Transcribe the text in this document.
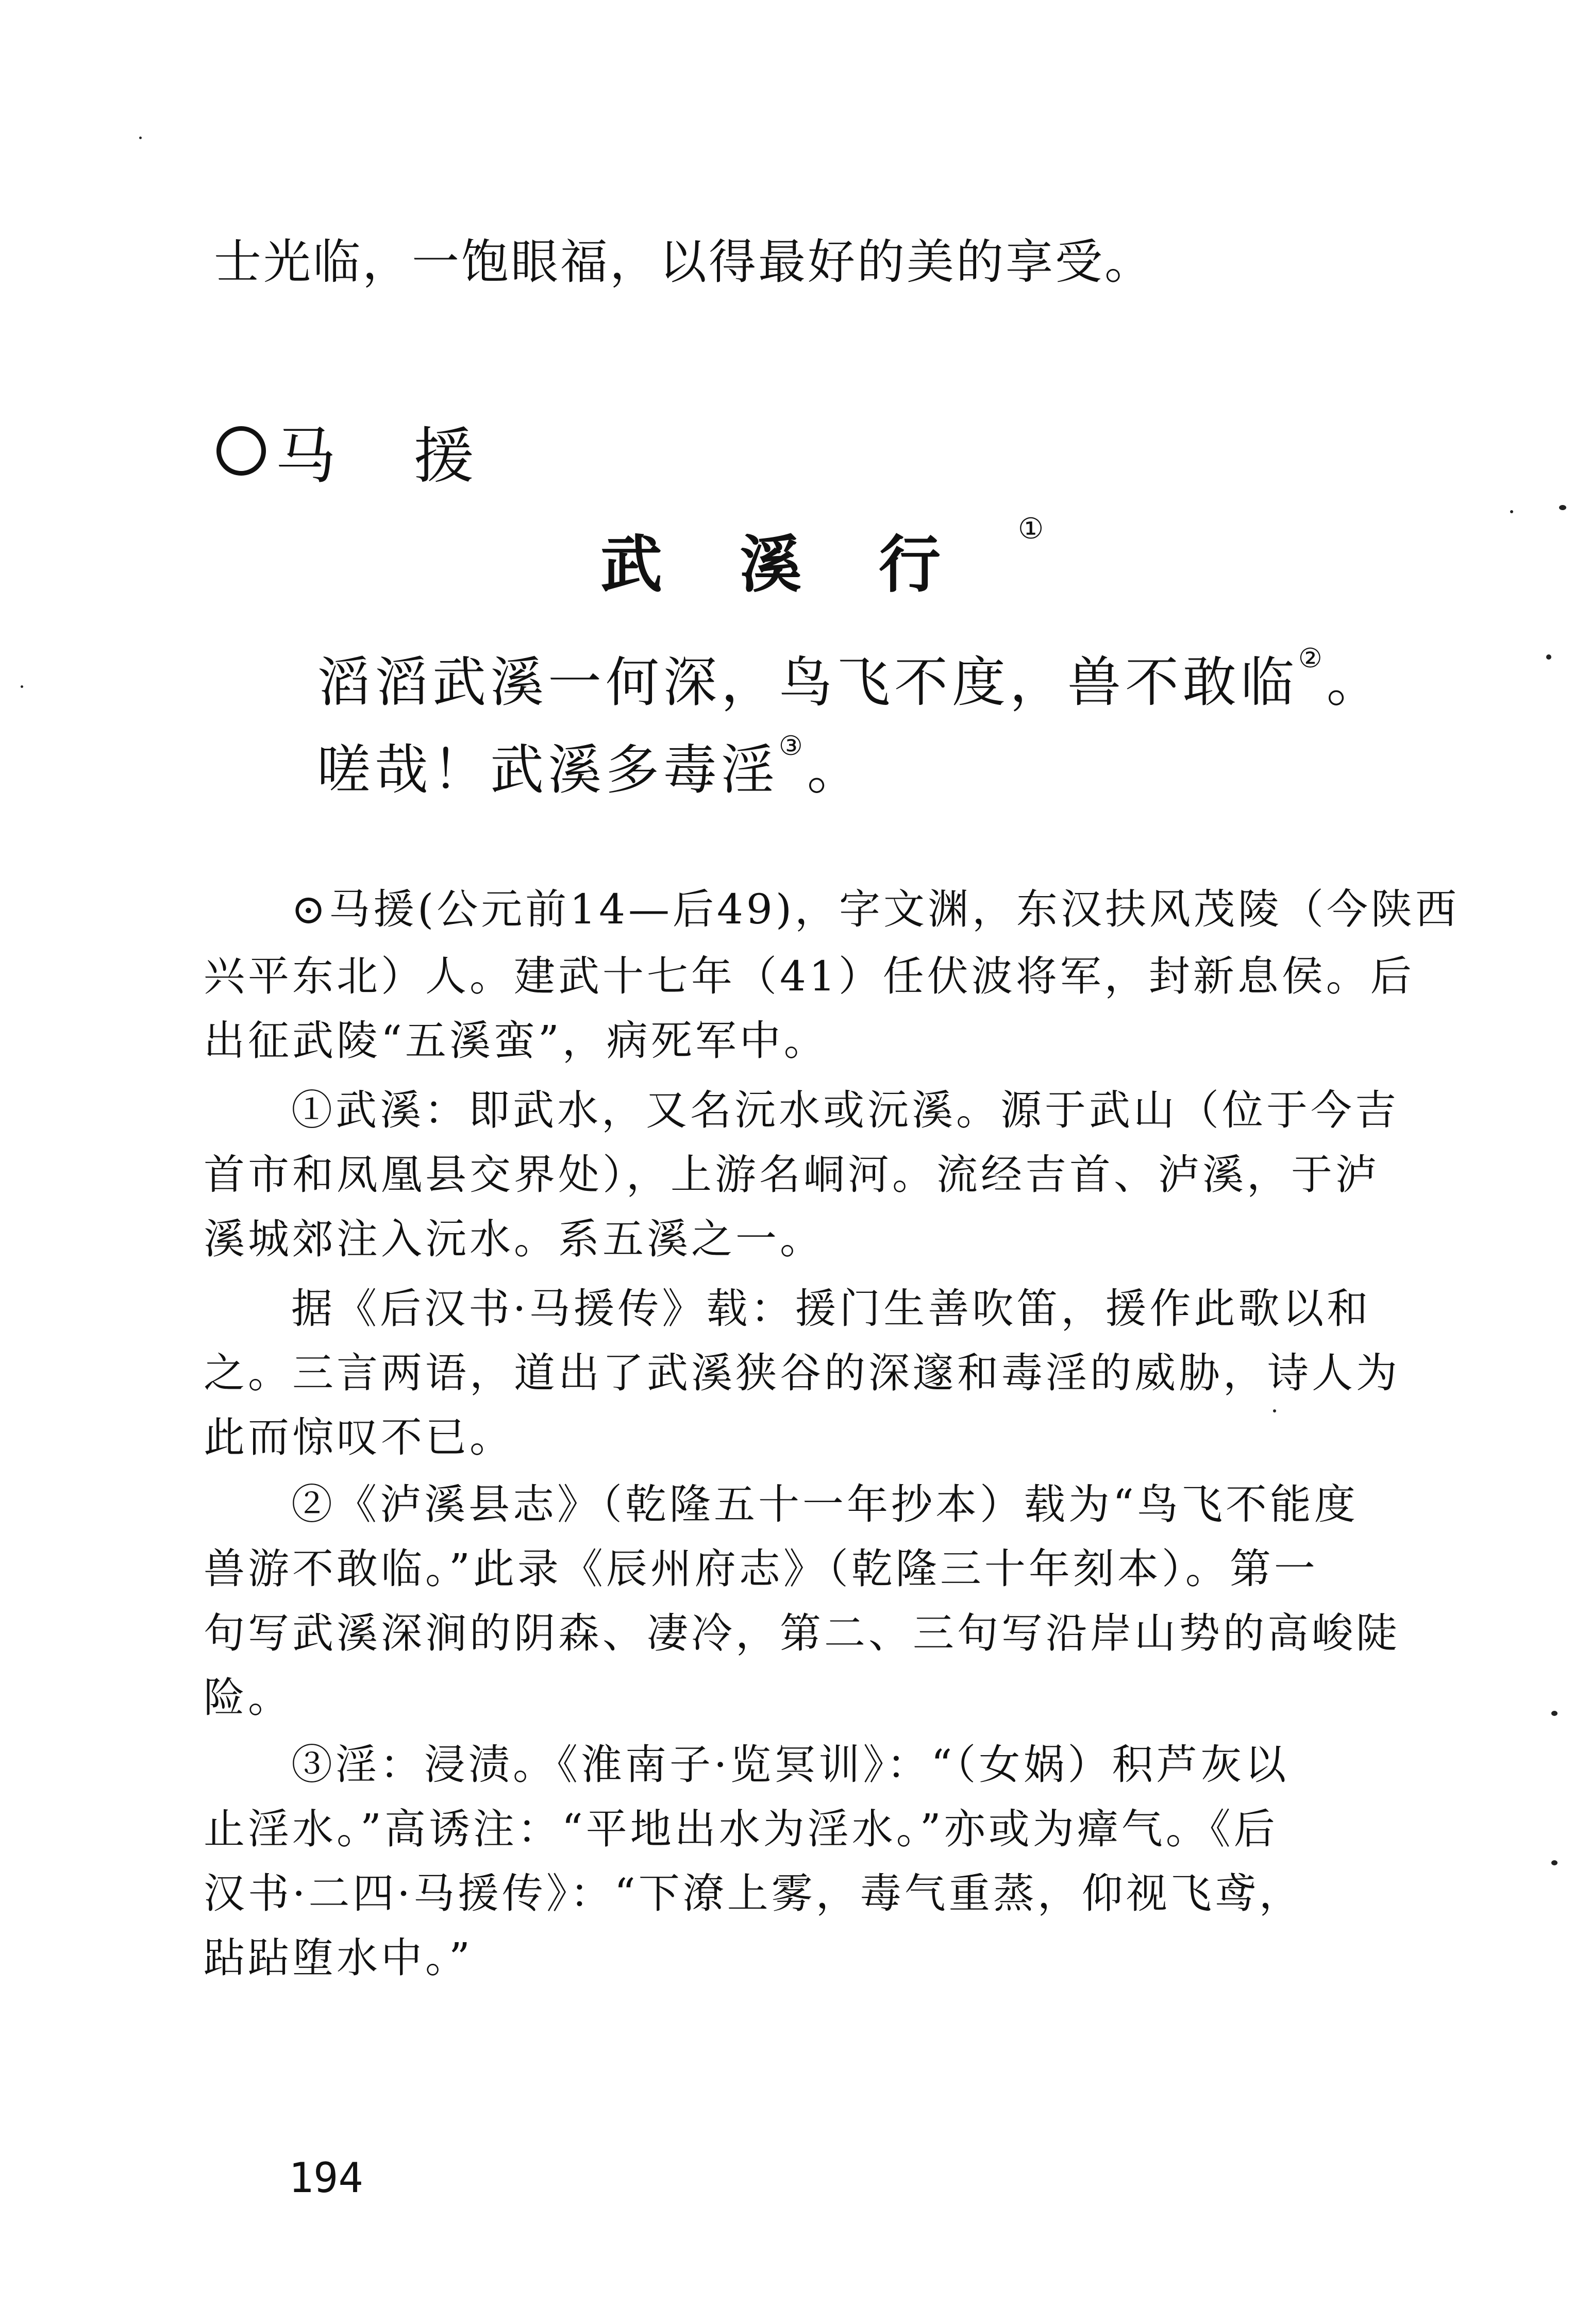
士光临，一饱眼福，以得最好的美的享受。
马援
武溪行①
滔滔武溪一何深，鸟飞不度，兽不敢临②。
嗟哉！武溪多毒淫③。
⊙马援(公元前14—后49)，字文渊，东汉扶风茂陵（今陕西
兴平东北）人。建武十七年（41）任伏波将军，封新息侯。后
出征武陵“五溪蛮”，病死军中。
①武溪：即武水，又名沅水或沅溪。源于武山（位于今吉
首市和凤凰县交界处），上游名峒河。流经吉首、泸溪，于泸
溪城郊注入沅水。系五溪之一。
据《后汉书·马援传》载：援门生善吹笛，援作此歌以和
之。三言两语，道出了武溪狭谷的深邃和毒淫的威胁，诗人为
此而惊叹不已。
②《泸溪县志》（乾隆五十一年抄本）载为“鸟飞不能度
兽游不敢临。”此录《辰州府志》（乾隆三十年刻本）。第一
句写武溪深涧的阴森、凄冷，第二、三句写沿岸山势的高峻陡
险。
③淫：浸渍。《淮南子·览冥训》：“（女娲）积芦灰以
止淫水。”高诱注：“平地出水为淫水。”亦或为瘴气。《后
汉书·二四·马援传》：“下潦上雾，毒气重蒸，仰视飞鸢，
跕跕堕水中。”
194
